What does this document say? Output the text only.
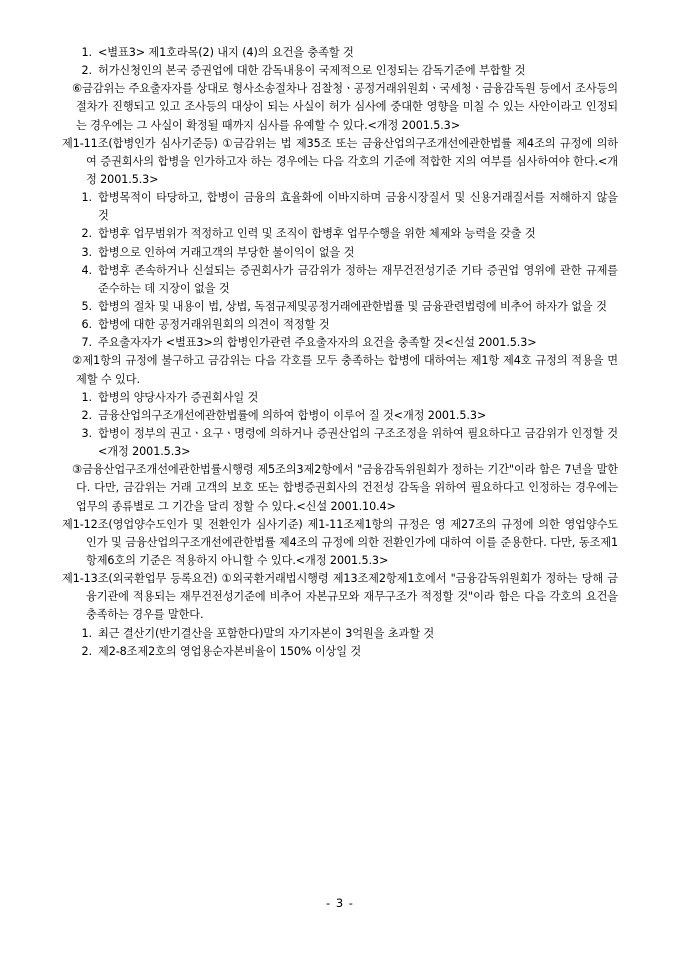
1. <별표3> 제1호라목(2) 내지 (4)의 요건을 충족할 것
2. 허가신청인의 본국 증권업에 대한 감독내용이 국제적으로 인정되는 감독기준에 부합할 것

⑥금감위는 주요출자자를 상대로 형사소송절차나 검찰청ㆍ공정거래위원회ㆍ국세청ㆍ금융감독원 등에서 조사등의 절차가 진행되고 있고 조사등의 대상이 되는 사실이 허가 심사에 중대한 영향을 미칠 수 있는 사안이라고 인정되는 경우에는 그 사실이 확정될 때까지 심사를 유예할 수 있다.<개정 2001.5.3>

제1-11조(합병인가 심사기준등) ①금감위는 법 제35조 또는 금융산업의구조개선에관한법률 제4조의 규정에 의하여 증권회사의 합병을 인가하고자 하는 경우에는 다음 각호의 기준에 적합한 지의 여부를 심사하여야 한다.<개정 2001.5.3>

1. 합병목적이 타당하고, 합병이 금융의 효율화에 이바지하며 금융시장질서 및 신용거래질서를 저해하지 않을 것
2. 합병후 업무범위가 적정하고 인력 및 조직이 합병후 업무수행을 위한 체제와 능력을 갖출 것
3. 합병으로 인하여 거래고객의 부당한 불이익이 없을 것
4. 합병후 존속하거나 신설되는 증권회사가 금감위가 정하는 재무건전성기준 기타 증권업 영위에 관한 규제를 준수하는 데 지장이 없을 것
5. 합병의 절차 및 내용이 법, 상법, 독점규제및공정거래에관한법률 및 금융관련법령에 비추어 하자가 없을 것
6. 합병에 대한 공정거래위원회의 의견이 적정할 것
7. 주요출자자가 <별표3>의 합병인가관련 주요출자자의 요건을 충족할 것<신설 2001.5.3>

②제1항의 규정에 불구하고 금감위는 다음 각호를 모두 충족하는 합병에 대하여는 제1항 제4호 규정의 적용을 면제할 수 있다.

1. 합병의 양당사자가 증권회사일 것
2. 금융산업의구조개선에관한법률에 의하여 합병이 이루어 질 것<개정 2001.5.3>
3. 합병이 정부의 권고ㆍ요구ㆍ명령에 의하거나 증권산업의 구조조정을 위하여 필요하다고 금감위가 인정할 것<개정 2001.5.3>

③금융산업구조개선에관한법률시행령 제5조의3제2항에서 "금융감독위원회가 정하는 기간"이라 함은 7년을 말한다. 다만, 금감위는 거래 고객의 보호 또는 합병증권회사의 건전성 감독을 위하여 필요하다고 인정하는 경우에는 업무의 종류별로 그 기간을 달리 정할 수 있다.<신설 2001.10.4>

제1-12조(영업양수도인가 및 전환인가 심사기준) 제1-11조제1항의 규정은 영 제27조의 규정에 의한 영업양수도 인가 및 금융산업의구조개선에관한법률 제4조의 규정에 의한 전환인가에 대하여 이를 준용한다. 다만, 동조제1항제6호의 기준은 적용하지 아니할 수 있다.<개정 2001.5.3>

제1-13조(외국환업무 등록요건) ①외국환거래법시행령 제13조제2항제1호에서 "금융감독위원회가 정하는 당해 금융기관에 적용되는 재무건전성기준에 비추어 자본규모와 재무구조가 적정할 것"이라 함은 다음 각호의 요건을 충족하는 경우를 말한다.

1. 최근 결산기(반기결산을 포함한다)말의 자기자본이 3억원을 초과할 것
2. 제2-8조제2호의 영업용순자본비율이 150% 이상일 것
- 3 -
